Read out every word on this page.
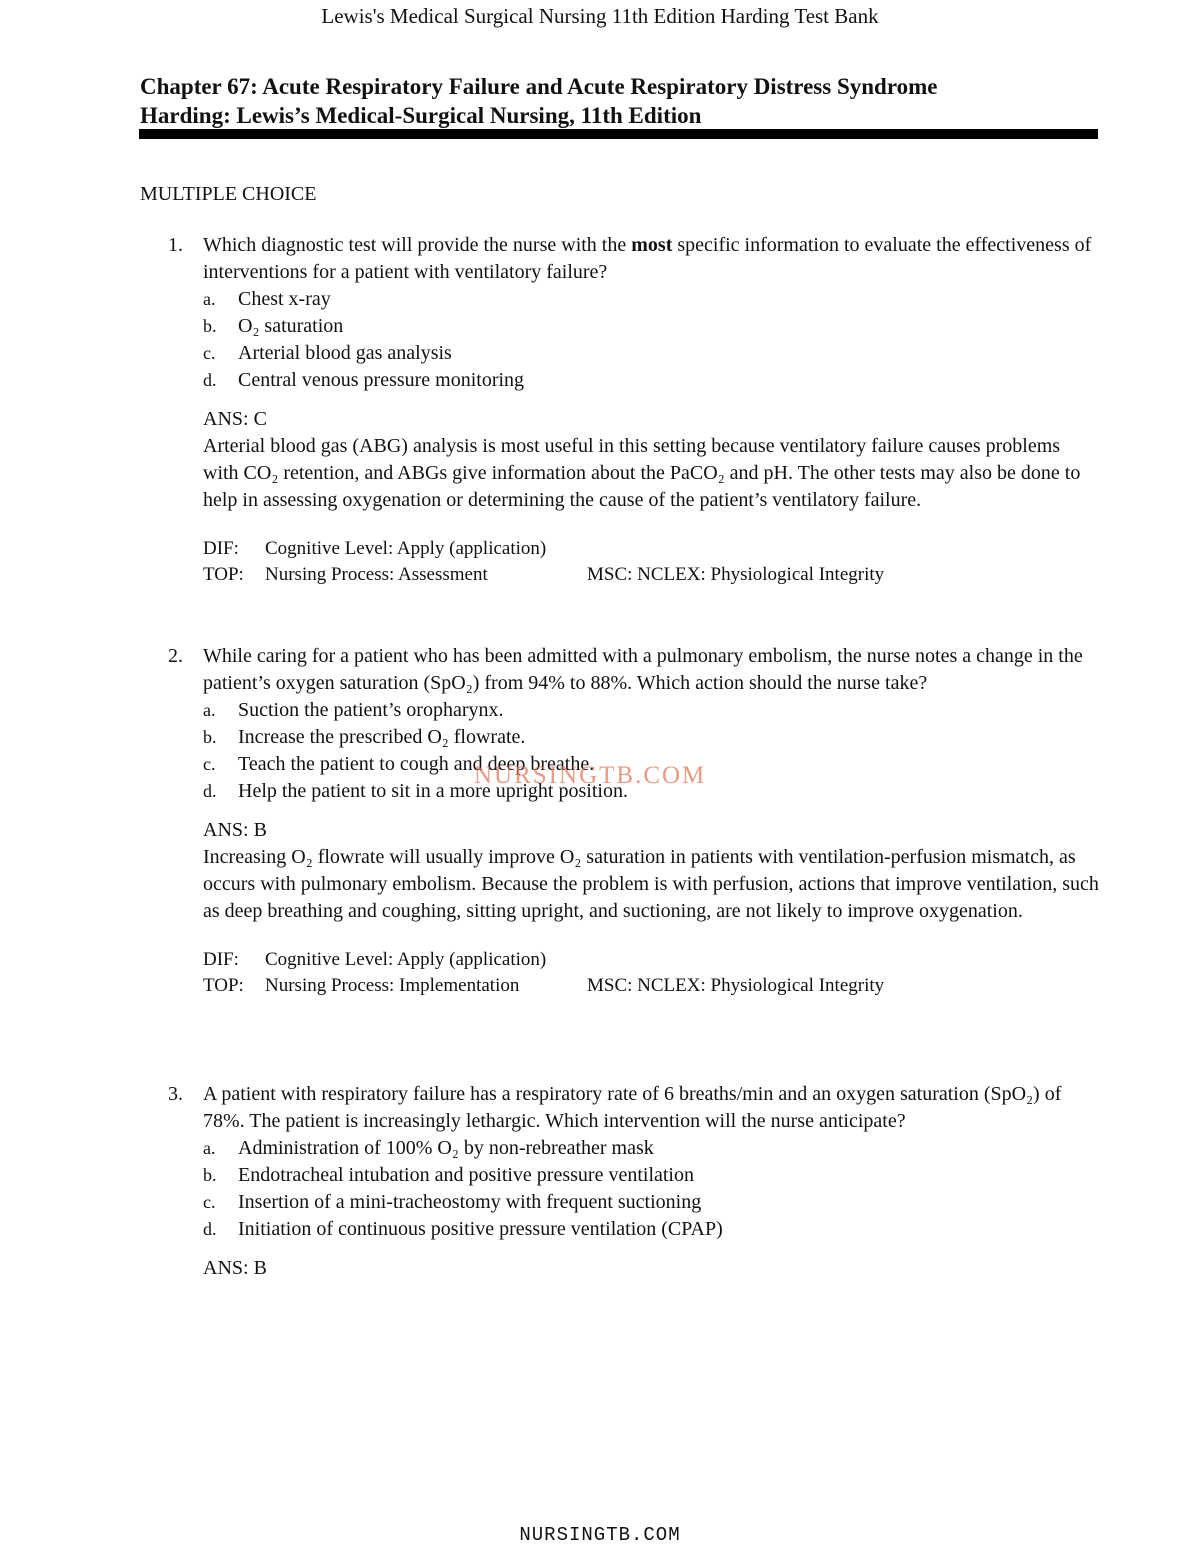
Lewis's Medical Surgical Nursing 11th Edition Harding Test Bank
Chapter 67: Acute Respiratory Failure and Acute Respiratory Distress Syndrome
Harding: Lewis’s Medical-Surgical Nursing, 11th Edition
MULTIPLE CHOICE
1. Which diagnostic test will provide the nurse with the most specific information to evaluate the effectiveness of interventions for a patient with ventilatory failure?
a. Chest x-ray
b. O₂ saturation
c. Arterial blood gas analysis
d. Central venous pressure monitoring
ANS: C
Arterial blood gas (ABG) analysis is most useful in this setting because ventilatory failure causes problems with CO₂ retention, and ABGs give information about the PaCO₂ and pH. The other tests may also be done to help in assessing oxygenation or determining the cause of the patient’s ventilatory failure.
DIF: Cognitive Level: Apply (application)
TOP: Nursing Process: Assessment	MSC: NCLEX: Physiological Integrity
2. While caring for a patient who has been admitted with a pulmonary embolism, the nurse notes a change in the patient’s oxygen saturation (SpO₂) from 94% to 88%. Which action should the nurse take?
a. Suction the patient’s oropharynx.
b. Increase the prescribed O₂ flowrate.
c. Teach the patient to cough and deep breathe.
d. Help the patient to sit in a more upright position.
ANS: B
Increasing O₂ flowrate will usually improve O₂ saturation in patients with ventilation-perfusion mismatch, as occurs with pulmonary embolism. Because the problem is with perfusion, actions that improve ventilation, such as deep breathing and coughing, sitting upright, and suctioning, are not likely to improve oxygenation.
DIF: Cognitive Level: Apply (application)
TOP: Nursing Process: Implementation	MSC: NCLEX: Physiological Integrity
3. A patient with respiratory failure has a respiratory rate of 6 breaths/min and an oxygen saturation (SpO₂) of 78%. The patient is increasingly lethargic. Which intervention will the nurse anticipate?
a. Administration of 100% O₂ by non-rebreather mask
b. Endotracheal intubation and positive pressure ventilation
c. Insertion of a mini-tracheostomy with frequent suctioning
d. Initiation of continuous positive pressure ventilation (CPAP)
ANS: B
NURSINGTB.COM
NURSINGTB.COM
